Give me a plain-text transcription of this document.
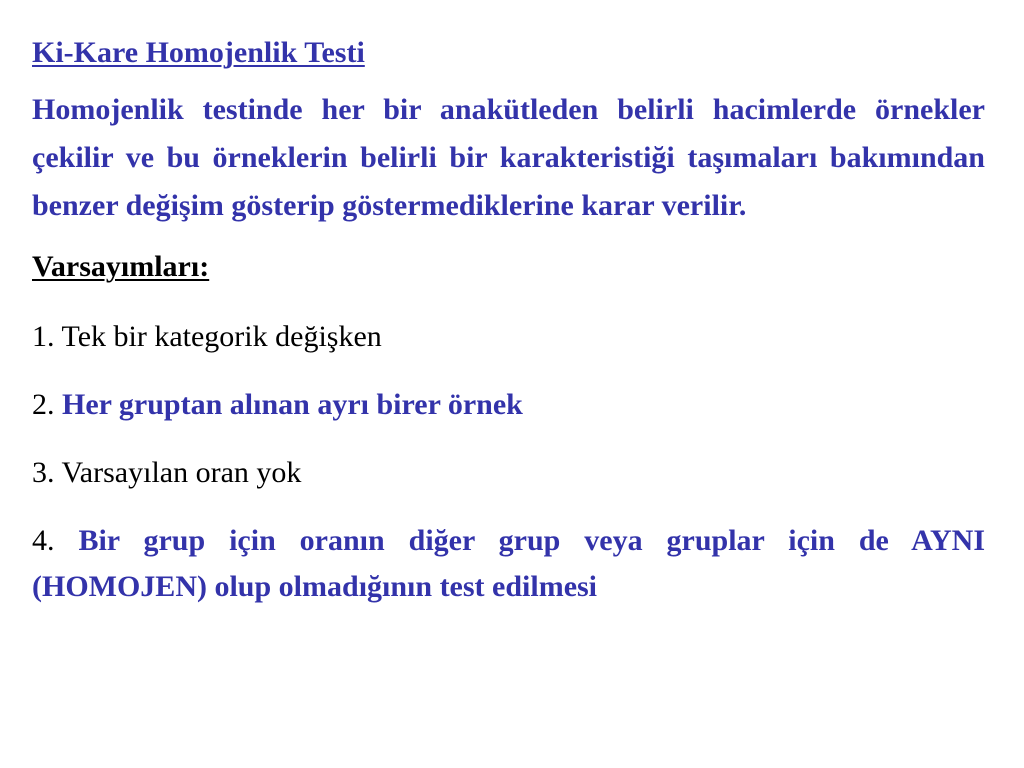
Ki-Kare Homojenlik Testi

Homojenlik testinde her bir anakütleden belirli hacimlerde örnekler çekilir ve bu örneklerin belirli bir karakteristiği taşımaları bakımından benzer değişim gösterip göstermediklerine karar verilir.

Varsayımları:

1. Tek bir kategorik değişken

2. Her gruptan alınan ayrı birer örnek

3. Varsayılan oran yok

4. Bir grup için oranın diğer grup veya gruplar için de AYNI (HOMOJEN) olup olmadığının test edilmesi
